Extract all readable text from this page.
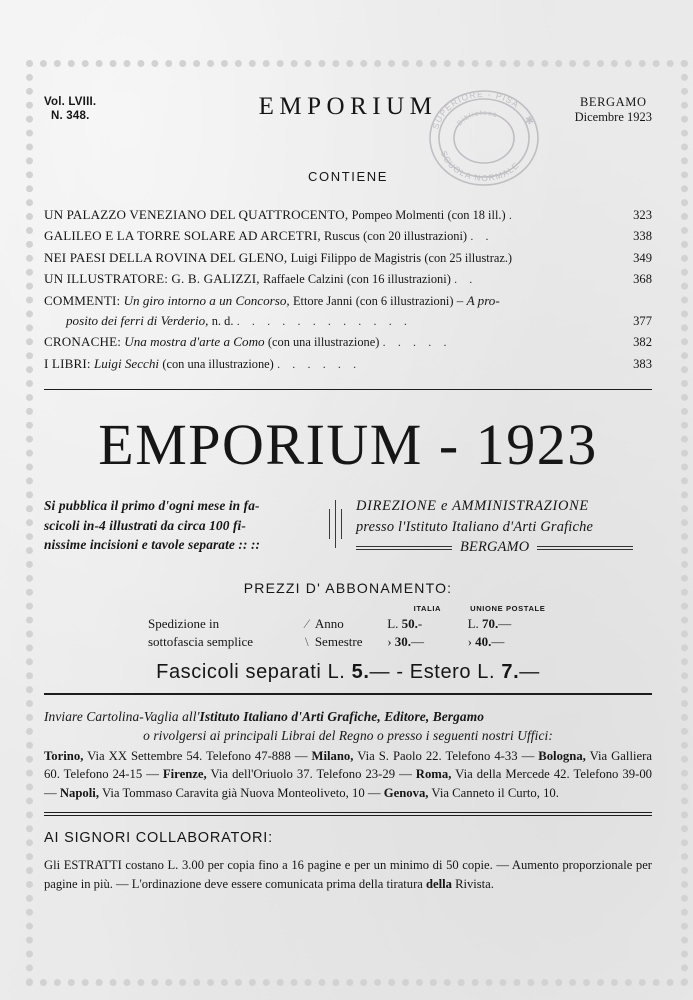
SUPERIORE - PISA
SCUOLA NORMALE
Biblioteca ✱
Vol. LVIII.
N. 348.	EMPORIUM	BERGAMO
Dicembre 1923
CONTIENE
UN PALAZZO VENEZIANO DEL QUATTROCENTO, Pompeo Molmenti (con 18 ill.) .	323
GALILEO E LA TORRE SOLARE AD ARCETRI, Ruscus (con 20 illustrazioni) . .	338
NEI PAESI DELLA ROVINA DEL GLENO, Luigi Filippo de Magistris (con 25 illustraz.)	349
UN ILLUSTRATORE: G. B. GALIZZI, Raffaele Calzini (con 16 illustrazioni) . .	368
COMMENTI: Un giro intorno a un Concorso, Ettore Janni (con 6 illustrazioni) – A pro-
posito dei ferri di Verderio, n. d. . . . . . . . . . . . .	377
CRONACHE: Una mostra d'arte a Como (con una illustrazione) . . . . .	382
I LIBRI: Luigi Secchi (con una illustrazione) . . . . . .	383
EMPORIUM - 1923
Si pubblica il primo d'ogni mese in fa-
scicoli in-4 illustrati da circa 100 fi-
nissime incisioni e tavole separate :: ::
DIREZIONE e AMMINISTRAZIONE
presso l'Istituto Italiano d'Arti Grafiche
BERGAMO
PREZZI D' ABBONAMENTO:
			ITALIA	UNIONE POSTALE
Spedizione in	⁄	Anno	L. 50.-	L. 70.—
sottofascia semplice	\	Semestre	› 30.—	› 40.—
Fascicoli separati L. 5.— - Estero L. 7.—
Inviare Cartolina-Vaglia all'Istituto Italiano d'Arti Grafiche, Editore, Bergamo
o rivolgersi ai principali Librai del Regno o presso i seguenti nostri Uffici:
Torino, Via XX Settembre 54. Telefono 47-888 — Milano, Via S. Paolo 22. Telefono 4-33 — Bologna, Via Galliera 60. Telefono 24-15 — Firenze, Via dell'Oriuolo 37. Telefono 23-29 — Roma, Via della Mercede 42. Telefono 39-00 — Napoli, Via Tommaso Caravita già Nuova Monteoliveto, 10 — Genova, Via Canneto il Curto, 10.
AI SIGNORI COLLABORATORI:
Gli ESTRATTI costano L. 3.00 per copia fino a 16 pagine e per un minimo di 50 copie. — Aumento proporzionale per pagine in più. — L'ordinazione deve essere comunicata prima della tiratura della Rivista.
